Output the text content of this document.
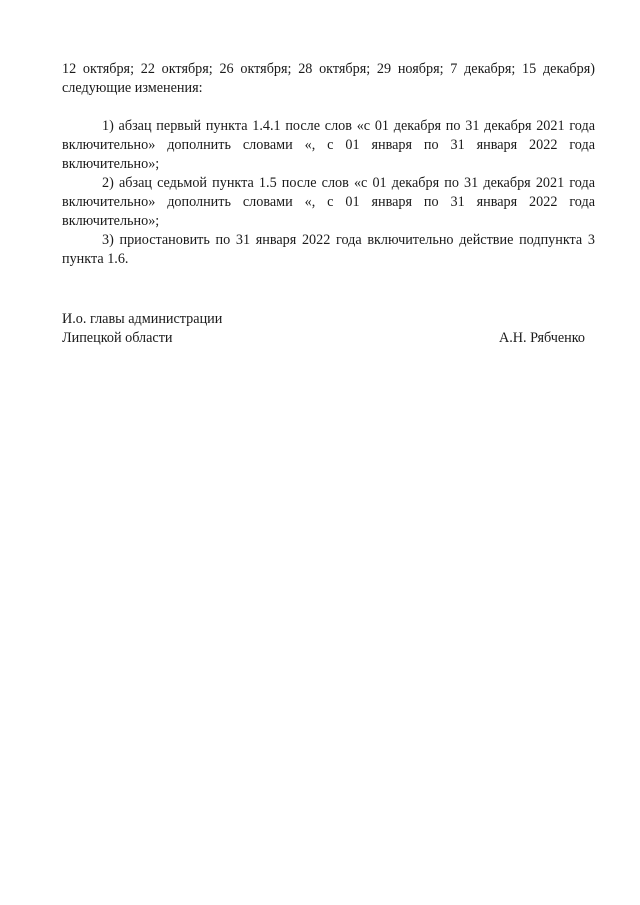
12 октября; 22 октября; 26 октября; 28 октября; 29 ноября; 7 декабря; 15 декабря) следующие изменения:

1) абзац первый пункта 1.4.1 после слов «с 01 декабря по 31 декабря 2021 года включительно» дополнить словами «, с 01 января по 31 января 2022 года включительно»;

2) абзац седьмой пункта 1.5 после слов «с 01 декабря по 31 декабря 2021 года включительно» дополнить словами «, с 01 января по 31 января 2022 года включительно»;

3) приостановить по 31 января 2022 года включительно действие подпункта 3 пункта 1.6.

И.о. главы администрации
Липецкой области	А.Н. Рябченко
